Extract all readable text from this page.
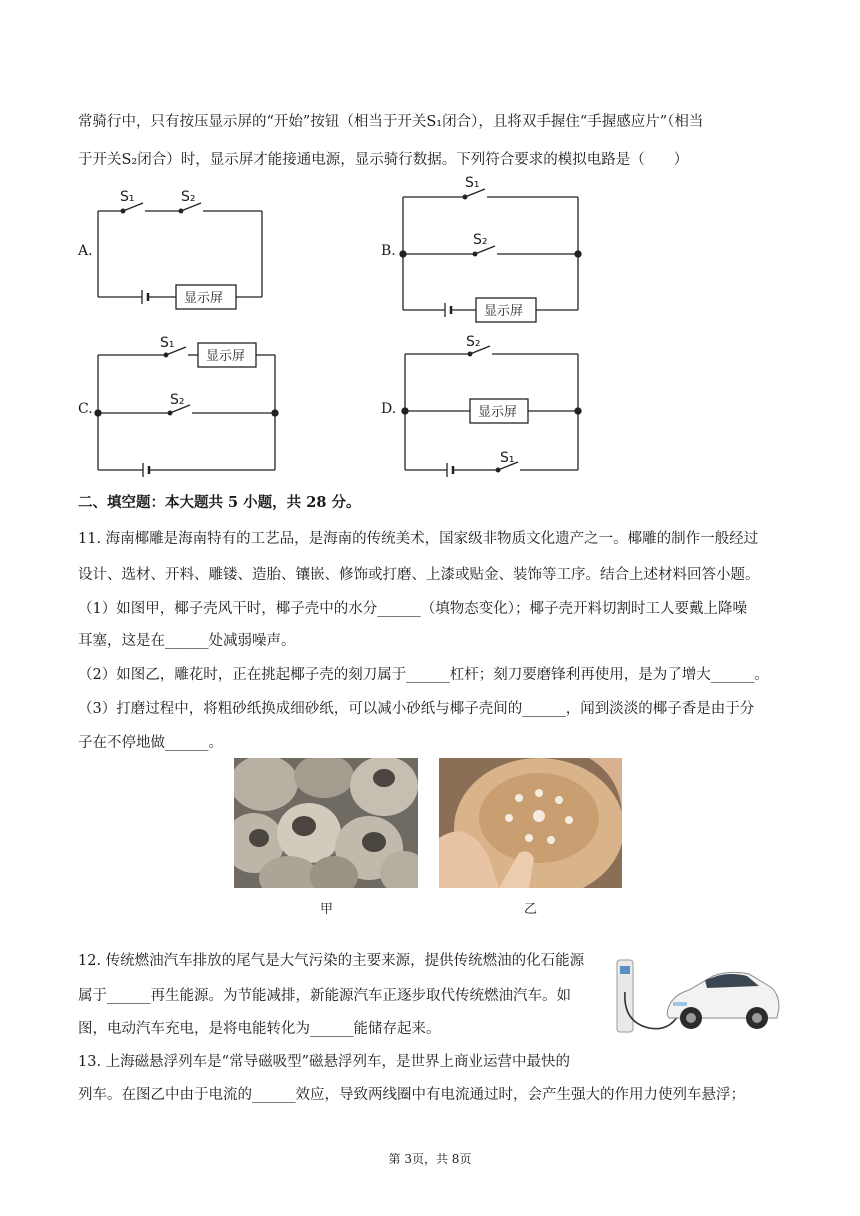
常骑行中，只有按压显示屏的“开始”按钮（相当于开关S₁闭合），且将双手握住“手握感应片”（相当
于开关S₂闭合）时，显示屏才能接通电源，显示骑行数据。下列符合要求的模拟电路是（　　）
A.	B.
C.	D.
S₁	S₂
显示屏
S₁
S₂
显示屏
S₁
S₂
显示屏
S₂
S₁
显示屏
二、填空题：本大题共 5 小题，共 28 分。
11. 海南椰雕是海南特有的工艺品，是海南的传统美术，国家级非物质文化遗产之一。椰雕的制作一般经过
设计、选材、开料、雕镂、造胎、镶嵌、修饰或打磨、上漆或贴金、装饰等工序。结合上述材料回答小题。
（1）如图甲，椰子壳风干时，椰子壳中的水分______（填物态变化）；椰子壳开料切割时工人要戴上降噪
耳塞，这是在______处减弱噪声。
（2）如图乙，雕花时，正在挑起椰子壳的刻刀属于______杠杆；刻刀要磨锋利再使用，是为了增大______。
（3）打磨过程中，将粗砂纸换成细砂纸，可以减小砂纸与椰子壳间的______，闻到淡淡的椰子香是由于分
子在不停地做______。
甲	乙
12. 传统燃油汽车排放的尾气是大气污染的主要来源，提供传统燃油的化石能源
属于______再生能源。为节能减排，新能源汽车正逐步取代传统燃油汽车。如
图，电动汽车充电，是将电能转化为______能储存起来。
13. 上海磁悬浮列车是“常导磁吸型”磁悬浮列车，是世界上商业运营中最快的
列车。在图乙中由于电流的______效应，导致两线圈中有电流通过时，会产生强大的作用力使列车悬浮；
第 3页，共 8页
